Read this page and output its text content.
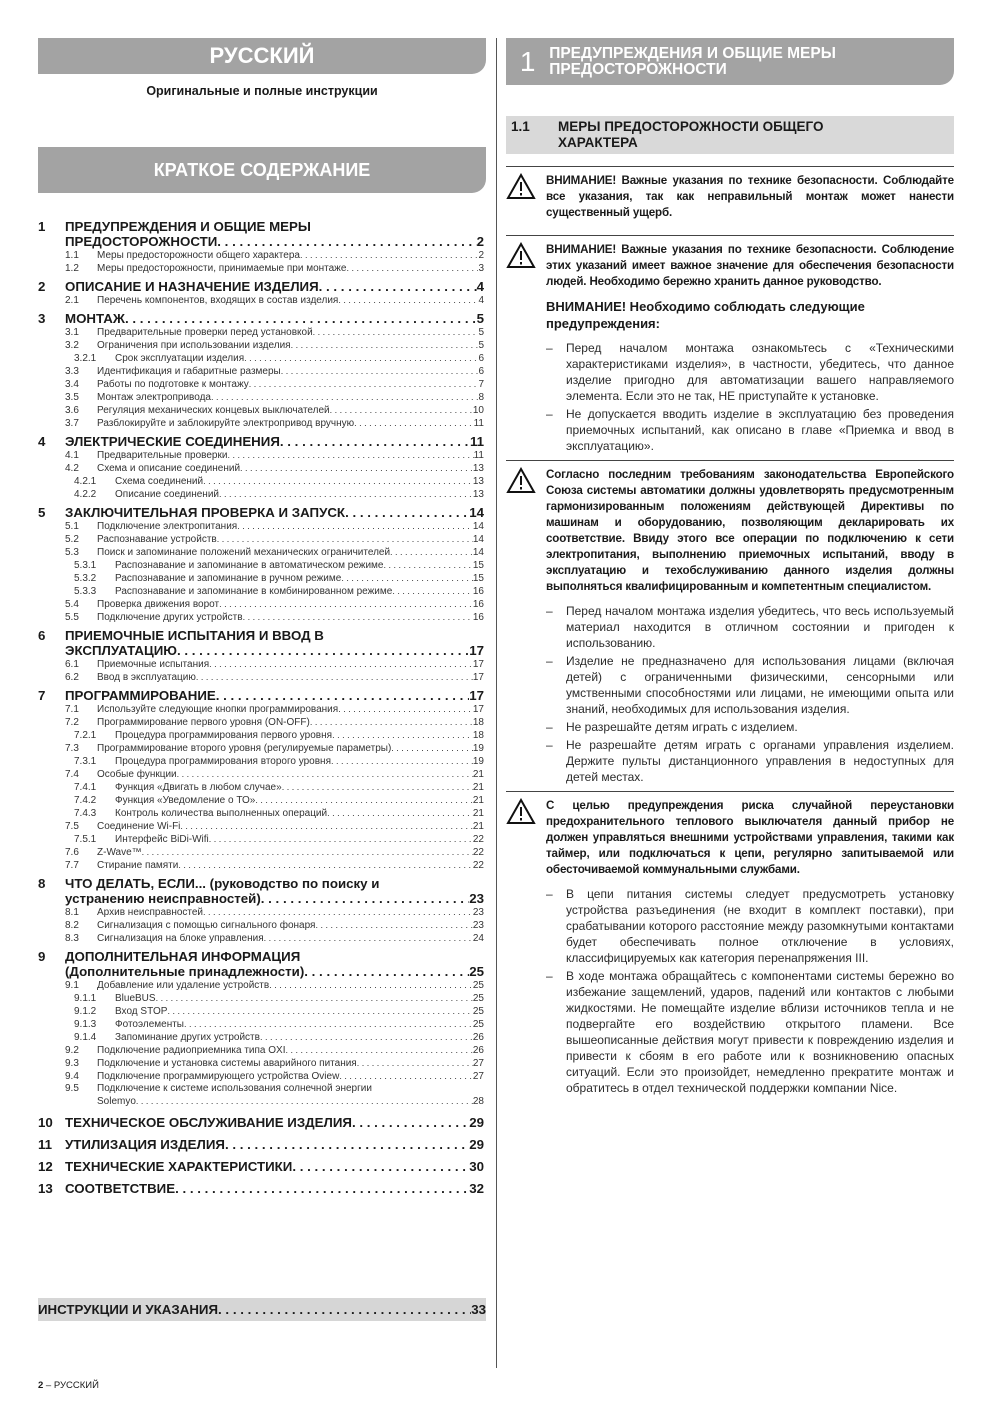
РУССКИЙ
Оригинальные и полные инструкции
КРАТКОЕ СОДЕРЖАНИЕ
1	ПРЕДУПРЕЖДЕНИЯ И ОБЩИЕ МЕРЫ
ПРЕДОСТОРОЖНОСТИ . . .	2
1.1	Меры предосторожности общего характера . . .	2
1.2	Меры предосторожности, принимаемые при монтаже . . .	3
2	ОПИСАНИЕ И НАЗНАЧЕНИЕ ИЗДЕЛИЯ . . .	4
2.1	Перечень компонентов, входящих в состав изделия . . .	4
3	МОНТАЖ . . .	5
3.1	Предварительные проверки перед установкой . . .	5
3.2	Ограничения при использовании изделия . . .	5
3.2.1	Срок эксплуатации изделия . . .	6
3.3	Идентификация и габаритные размеры . . .	6
3.4	Работы по подготовке к монтажу . . .	7
3.5	Монтаж электропривода . . .	8
3.6	Регуляция механических концевых выключателей . . .	10
3.7	Разблокируйте и заблокируйте электропривод вручную . . .	11
4	ЭЛЕКТРИЧЕСКИЕ СОЕДИНЕНИЯ . . .	11
4.1	Предварительные проверки . . .	11
4.2	Схема и описание соединений . . .	13
4.2.1	Схема соединений . . .	13
4.2.2	Описание соединений . . .	13
5	ЗАКЛЮЧИТЕЛЬНАЯ ПРОВЕРКА И ЗАПУСК . . .	14
5.1	Подключение электропитания . . .	14
5.2	Распознавание устройств . . .	14
5.3	Поиск и запоминание положений механических ограничителей . . .	14
5.3.1	Распознавание и запоминание в автоматическом режиме . . .	15
5.3.2	Распознавание и запоминание в ручном режиме . . .	15
5.3.3	Распознавание и запоминание в комбинированном режиме . . .	16
5.4	Проверка движения ворот . . .	16
5.5	Подключение других устройств . . .	16
6	ПРИЕМОЧНЫЕ ИСПЫТАНИЯ И ВВОД В
ЭКСПЛУАТАЦИЮ . . .	17
6.1	Приемочные испытания . . .	17
6.2	Ввод в эксплуатацию . . .	17
7	ПРОГРАММИРОВАНИЕ . . .	17
7.1	Используйте следующие кнопки программирования . . .	17
7.2	Программирование первого уровня (ON-OFF) . . .	18
7.2.1	Процедура программирования первого уровня . . .	18
7.3	Программирование второго уровня (регулируемые параметры) . . .	19
7.3.1	Процедура программирования второго уровня . . .	19
7.4	Особые функции . . .	21
7.4.1	Функция «Двигать в любом случае» . . .	21
7.4.2	Функция «Уведомление о ТО» . . .	21
7.4.3	Контроль количества выполненных операций . . .	21
7.5	Соединение Wi-Fi . . .	21
7.5.1	Интерфейс BiDi-Wifi . . .	22
7.6	Z-Wave™ . . .	22
7.7	Стирание памяти . . .	22
8	ЧТО ДЕЛАТЬ, ЕСЛИ... (руководство по поиску и
устранению неисправностей) . . .	23
8.1	Архив неисправностей . . .	23
8.2	Сигнализация с помощью сигнального фонаря . . .	23
8.3	Сигнализация на блоке управления . . .	24
9	ДОПОЛНИТЕЛЬНАЯ ИНФОРМАЦИЯ
(Дополнительные принадлежности) . . .	25
9.1	Добавление или удаление устройств . . .	25
9.1.1	BlueBUS . . .	25
9.1.2	Вход STOP . . .	25
9.1.3	Фотоэлементы . . .	25
9.1.4	Запоминание других устройств . . .	26
9.2	Подключение радиоприемника типа OXI . . .	26
9.3	Подключение и установка системы аварийного питания . . .	27
9.4	Подключение программирующего устройства Oview . . .	27
9.5	Подключение к системе использования солнечной энергии
Solemyo . . .	28
10 ТЕХНИЧЕСКОЕ ОБСЛУЖИВАНИЕ ИЗДЕЛИЯ . . .	29
11 УТИЛИЗАЦИЯ ИЗДЕЛИЯ . . .	29
12 ТЕХНИЧЕСКИЕ ХАРАКТЕРИСТИКИ . . .	30
13 СООТВЕТСТВИЕ . . .	32
ИНСТРУКЦИИ И УКАЗАНИЯ . . .	33
1 ПРЕДУПРЕЖДЕНИЯ И ОБЩИЕ МЕРЫ ПРЕДОСТОРОЖНОСТИ
1.1	МЕРЫ ПРЕДОСТОРОЖНОСТИ ОБЩЕГО ХАРАКТЕРА
ВНИМАНИЕ! Важные указания по технике безопасности. Соблюдайте все указания, так как неправильный монтаж может нанести существенный ущерб.
ВНИМАНИЕ! Важные указания по технике безопасности. Соблюдение этих указаний имеет важное значение для обеспечения безопасности людей. Необходимо бережно хранить данное руководство.
ВНИМАНИЕ! Необходимо соблюдать следующие предупреждения:
– Перед началом монтажа ознакомьтесь с «Техническими характеристиками изделия», в частности, убедитесь, что данное изделие пригодно для автоматизации вашего направляемого элемента. Если это не так, НЕ приступайте к установке.
– Не допускается вводить изделие в эксплуатацию без проведения приемочных испытаний, как описано в главе «Приемка и ввод в эксплуатацию».
Согласно последним требованиям законодательства Европейского Союза системы автоматики должны удовлетворять предусмотренным гармонизированным положениям действующей Директивы по машинам и оборудованию, позволяющим декларировать их соответствие. Ввиду этого все операции по подключению к сети электропитания, выполнению приемочных испытаний, вводу в эксплуатацию и техобслуживанию данного изделия должны выполняться квалифицированным и компетентным специалистом.
– Перед началом монтажа изделия убедитесь, что весь используемый материал находится в отличном состоянии и пригоден к использованию.
– Изделие не предназначено для использования лицами (включая детей) с ограниченными физическими, сенсорными или умственными способностями или лицами, не имеющими опыта или знаний, необходимых для использования изделия.
– Не разрешайте детям играть с изделием.
– Не разрешайте детям играть с органами управления изделием. Держите пульты дистанционного управления в недоступных для детей местах.
С целью предупреждения риска случайной переустановки предохранительного теплового выключателя данный прибор не должен управляться внешними устройствами управления, такими как таймер, или подключаться к цепи, регулярно запитываемой или обесточиваемой коммунальными службами.
– В цепи питания системы следует предусмотреть установку устройства разъединения (не входит в комплект поставки), при срабатывании которого расстояние между разомкнутыми контактами будет обеспечивать полное отключение в условиях, классифицируемых как категория перенапряжения III.
– В ходе монтажа обращайтесь с компонентами системы бережно во избежание защемлений, ударов, падений или контактов с любыми жидкостями. Не помещайте изделие вблизи источников тепла и не подвергайте его воздействию открытого пламени. Все вышеописанные действия могут привести к повреждению изделия и привести к сбоям в его работе или к возникновению опасных ситуаций. Если это произойдет, немедленно прекратите монтаж и обратитесь в отдел технической поддержки компании Nice.
2 – РУССКИЙ
